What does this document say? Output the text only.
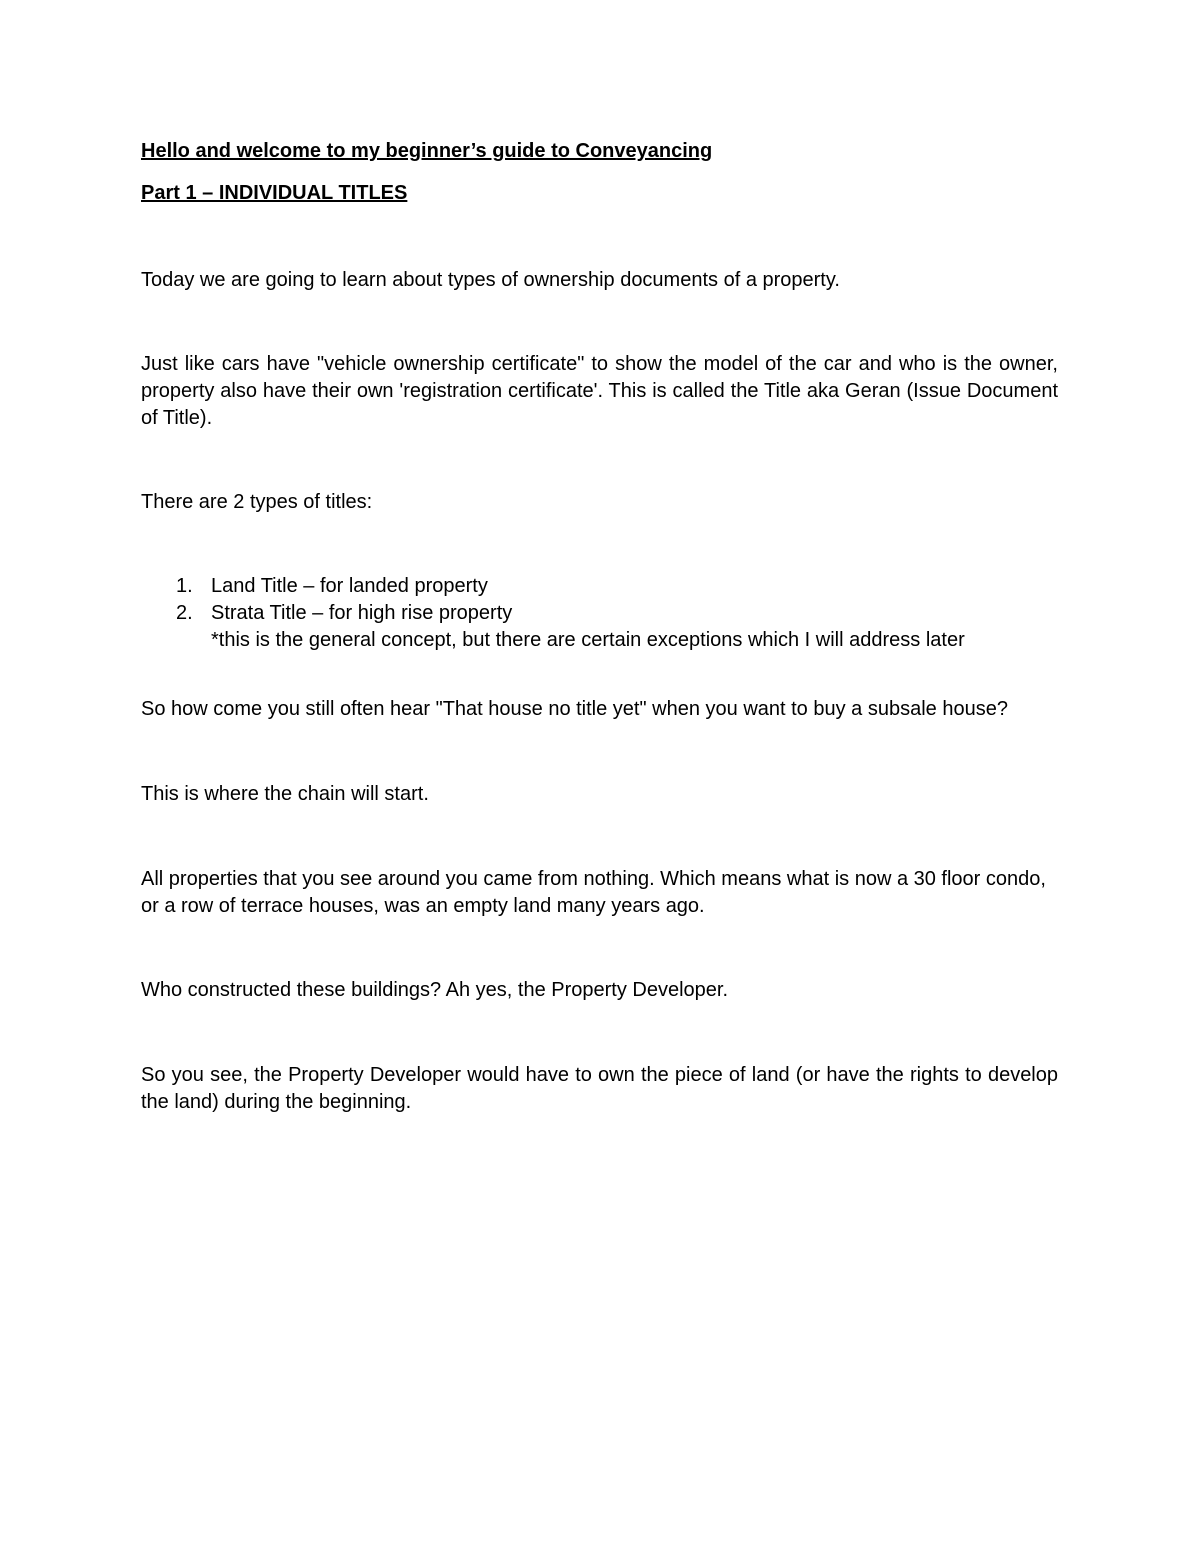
Hello and welcome to my beginner’s guide to Conveyancing

Part 1 – INDIVIDUAL TITLES

Today we are going to learn about types of ownership documents of a property.

Just like cars have "vehicle ownership certificate" to show the model of the car and who is the owner, property also have their own 'registration certificate'. This is called the Title aka Geran (Issue Document of Title).

There are 2 types of titles:

1. Land Title – for landed property
2. Strata Title – for high rise property

*this is the general concept, but there are certain exceptions which I will address later

So how come you still often hear "That house no title yet" when you want to buy a subsale house?

This is where the chain will start.

All properties that you see around you came from nothing. Which means what is now a 30 floor condo, or a row of terrace houses, was an empty land many years ago.

Who constructed these buildings? Ah yes, the Property Developer.

So you see, the Property Developer would have to own the piece of land (or have the rights to develop the land) during the beginning.
